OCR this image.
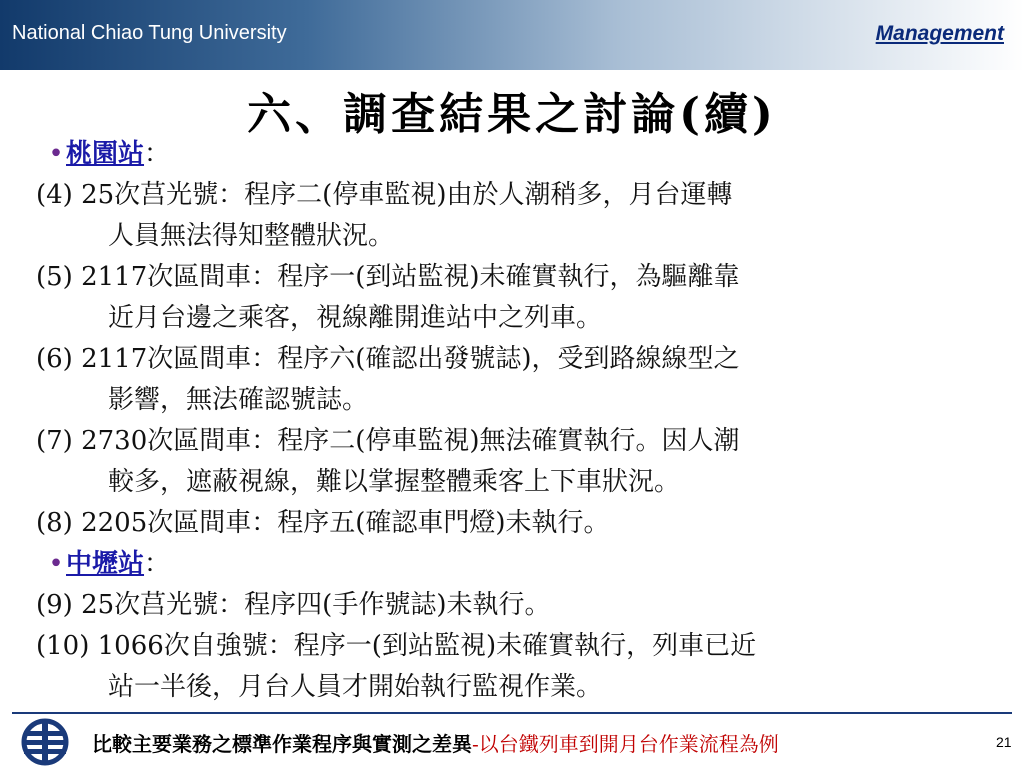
National Chiao Tung University	Management
六、調查結果之討論(續)
•桃園站：
(4) 25次莒光號：程序二(停車監視)由於人潮稍多，月台運轉
人員無法得知整體狀況。
(5) 2117次區間車：程序一(到站監視)未確實執行，為驅離靠
近月台邊之乘客，視線離開進站中之列車。
(6) 2117次區間車：程序六(確認出發號誌)，受到路線線型之
影響，無法確認號誌。
(7) 2730次區間車：程序二(停車監視)無法確實執行。因人潮
較多，遮蔽視線，難以掌握整體乘客上下車狀況。
(8) 2205次區間車：程序五(確認車門燈)未執行。
•中壢站：
(9) 25次莒光號：程序四(手作號誌)未執行。
(10) 1066次自強號：程序一(到站監視)未確實執行，列車已近
站一半後，月台人員才開始執行監視作業。
比較主要業務之標準作業程序與實測之差異-以台鐵列車到開月台作業流程為例	21
